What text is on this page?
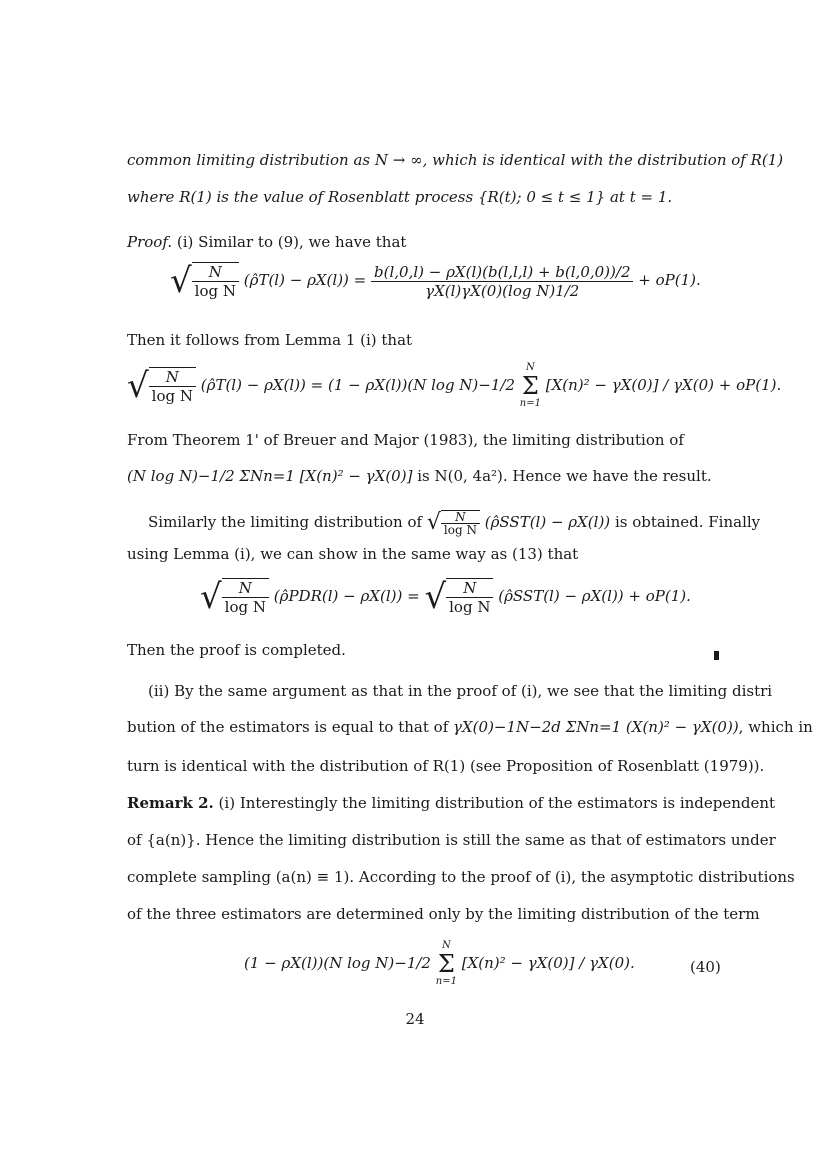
common limiting distribution as N → ∞, which is identical with the distribution of R(1)
where R(1) is the value of Rosenblatt process {R(t); 0 ≤ t ≤ 1} at t = 1.
Proof. (i) Similar to (9), we have that
√ $\frac{N}{\text{log N}}$ (ρ̂T(l) − $\rho X(l)) = \frac{b(l,0,l) - \rho X(l)(b(l,l,l) + b(l,0,0))/2}{\text{γX(l)γX(0)(log N)1/2}} + oP(1)$.
Then it follows from Lemma 1 (i) that
√ $\frac{N}{\text{log N}}$ (ρ̂T(l) − ρX(l)) = (1 − ρX(l))(N log N)−1/2
N
Σ
n=1
[X(n)² − γX(0)] / γX(0) + oP(1).
From Theorem 1' of Breuer and Major (1983), the limiting distribution of
(N log N)−1/2 ΣNn=1 [X(n)² − γX(0)] is N(0, 4a²). Hence we have the result.
Similarly the limiting distribution of √ $\frac{N}{\text{log N}}$ (ρ̂SST(l) − ρX(l)) is obtained. Finally
using Lemma (i), we can show in the same way as (13) that
√ $\frac{N}{\text{log N}}$ (ρ̂PDR(l) − ρX(l)) = √ $\frac{N}{\text{log N}}$ (ρ̂SST(l) − ρX(l)) + oP(1).
Then the proof is completed.
(ii) By the same argument as that in the proof of (i), we see that the limiting distri
bution of the estimators is equal to that of γX(0)−1N−2d ΣNn=1 (X(n)² − γX(0)), which in
turn is identical with the distribution of R(1) (see Proposition of Rosenblatt (1979)).
Remark 2. (i) Interestingly the limiting distribution of the estimators is independent
of {a(n)}. Hence the limiting distribution is still the same as that of estimators under
complete sampling (a(n) ≡ 1). According to the proof of (i), the asymptotic distributions
of the three estimators are determined only by the limiting distribution of the term
(1 − ρX(l))(N log N)−1/2
N
Σ
n=1
[X(n)² − γX(0)] / γX(0).	(40)
24
